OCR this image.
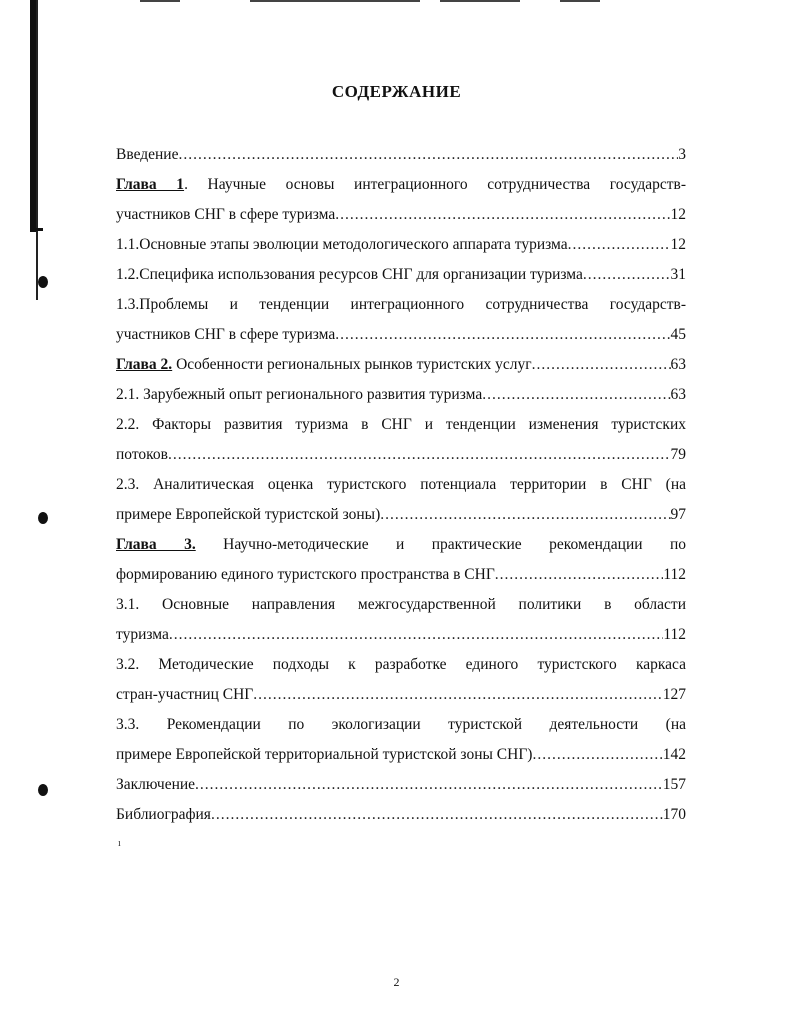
СОДЕРЖАНИЕ
Введение .....	3
Глава 1. Научные основы интеграционного сотрудничества государств-
участников СНГ в сфере туризма .....	12
1.1.Основные этапы эволюции методологического аппарата туризма .....	12
1.2.Специфика использования ресурсов СНГ для организации туризма .....	31
1.3.Проблемы и тенденции интеграционного сотрудничества государств-
участников СНГ в сфере туризма .....	45
Глава 2. Особенности региональных рынков туристских услуг .....	63
2.1. Зарубежный опыт регионального развития туризма .....	63
2.2. Факторы развития туризма в СНГ и тенденции изменения туристских
потоков .....	79
2.3. Аналитическая оценка туристского потенциала территории в СНГ (на
примере Европейской туристской зоны) .....	97
Глава 3. Научно-методические и практические рекомендации по
формированию единого туристского пространства в СНГ .....	112
3.1. Основные направления межгосударственной политики в области
туризма .....	112
3.2. Методические подходы к разработке единого туристского каркаса
стран-участниц СНГ .....	127
3.3. Рекомендации по экологизации туристской деятельности (на
примере Европейской территориальной туристской зоны СНГ) .....	142
Заключение .....	157
Библиография .....	170
ı
2
